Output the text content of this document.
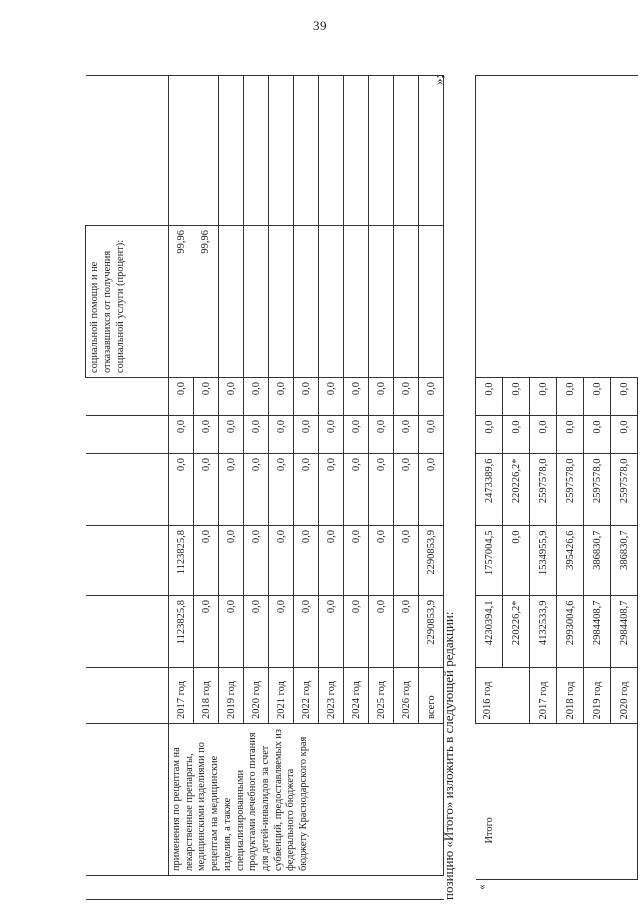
39
								социальной помощи и не отказавшихся от получения социальной услуги (процент):	
	применения по рецептам на лекарственные препараты, медицинскими изделиями по рецептам на медицинские изделия, а также специализированными продуктами лечебного питания для детей-инвалидов за счет субвенций, предоставляемых из федерального бюджета бюджету Краснодарского края	2017 год	1123825,8	1123825,8	0,0	0,0	0,0	99,96	
		2018 год	0,0	0,0	0,0	0,0	0,0	99,96	
		2019 год	0,0	0,0	0,0	0,0	0,0		
		2020 год	0,0	0,0	0,0	0,0	0,0		
		2021 год	0,0	0,0	0,0	0,0	0,0		
		2022 год	0,0	0,0	0,0	0,0	0,0		
		2023 год	0,0	0,0	0,0	0,0	0,0		
		2024 год	0,0	0,0	0,0	0,0	0,0		
		2025 год	0,0	0,0	0,0	0,0	0,0		
		2026 год	0,0	0,0	0,0	0,0	0,0		
		всего	2290853,9	2290853,9	0,0	0,0	0,0		
позицию «Итого» изложить в следующей редакции:
»;
«	Итого	2016 год	4230394,1	1757004,5	2473389,6	0,0	0,0	
			220226,2*	0,0	220226,2*	0,0	0,0	
		2017 год	4132533,9	1534955,9	2597578,0	0,0	0,0	
		2018 год	2993004,6	395426,6	2597578,0	0,0	0,0	
		2019 год	2984408,7	386830,7	2597578,0	0,0	0,0	
		2020 год	2984408,7	386830,7	2597578,0	0,0	0,0	
